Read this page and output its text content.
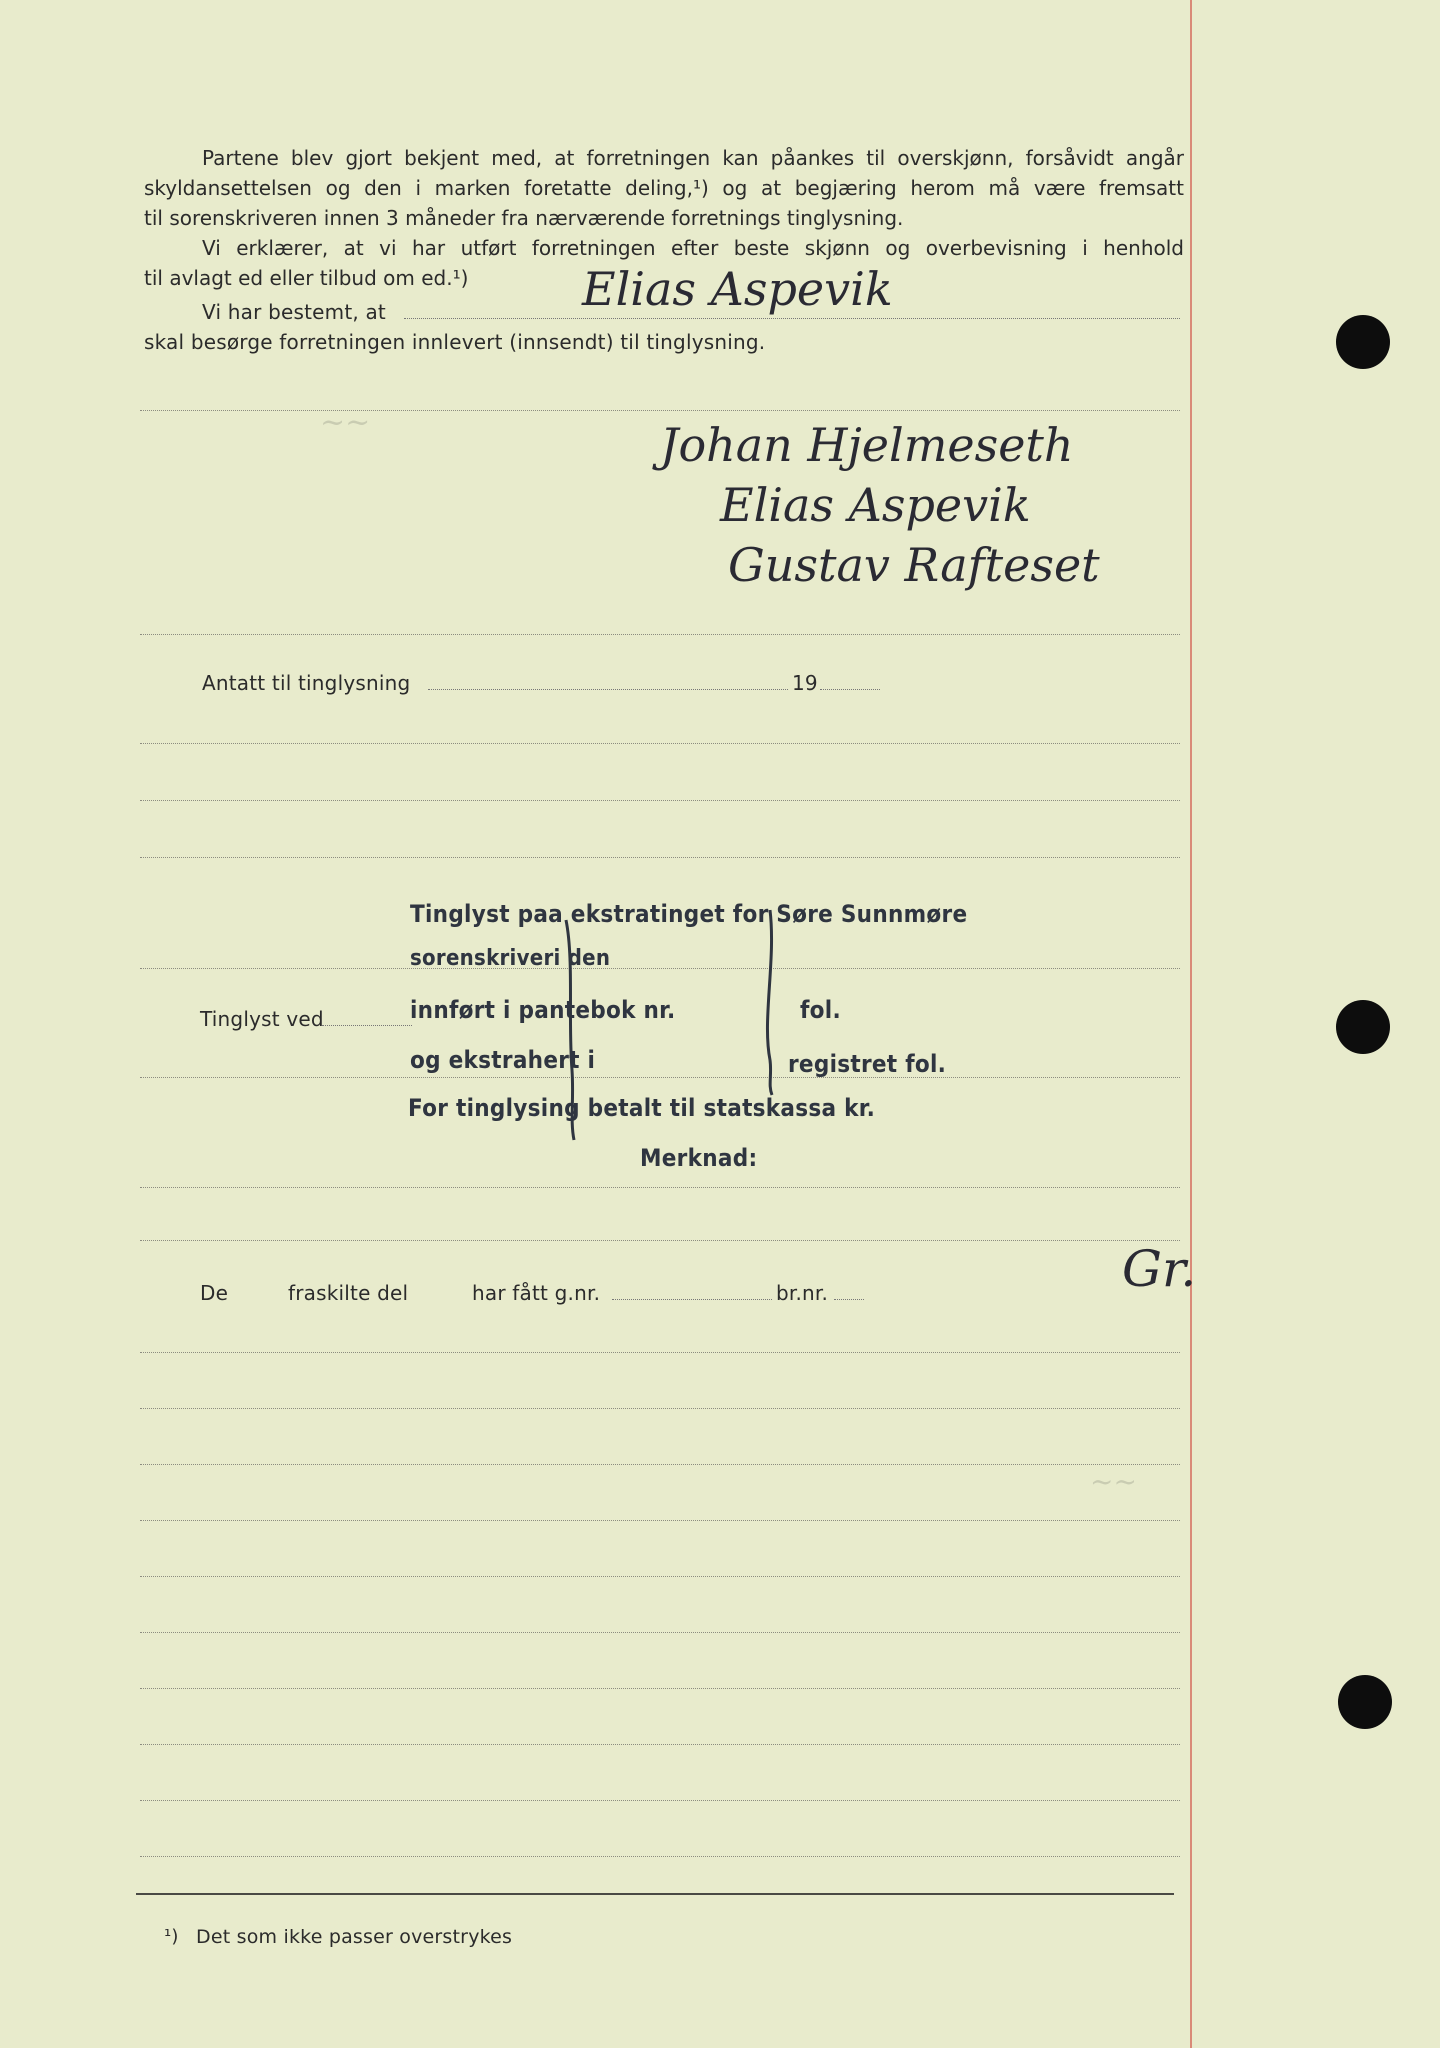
~~
~~
Partene blev gjort bekjent med, at forretningen kan påankes til overskjønn, forsåvidt angår
skyldansettelsen og den i marken foretatte deling,¹) og at begjæring herom må være fremsatt
til sorenskriveren innen 3 måneder fra nærværende forretnings tinglysning.
Vi erklærer, at vi har utført forretningen efter beste skjønn og overbevisning i henhold
til avlagt ed eller tilbud om ed.¹)
Vi har bestemt, at	Elias Aspevik
skal besørge forretningen innlevert (innsendt) til tinglysning.
Johan Hjelmeseth
Elias Aspevik
Gustav Rafteset
Antatt til tinglysning	19
Tinglyst ved
Tinglyst paa ekstratinget for Søre Sunnmøre
sorenskriveri den
innført i pantebok nr.	fol.
og ekstrahert i	registret fol.
For tinglysing betalt til statskassa kr.
Merknad:
De	fraskilte del	har fått g.nr.	br.nr.	Gr.
¹) Det som ikke passer overstrykes
